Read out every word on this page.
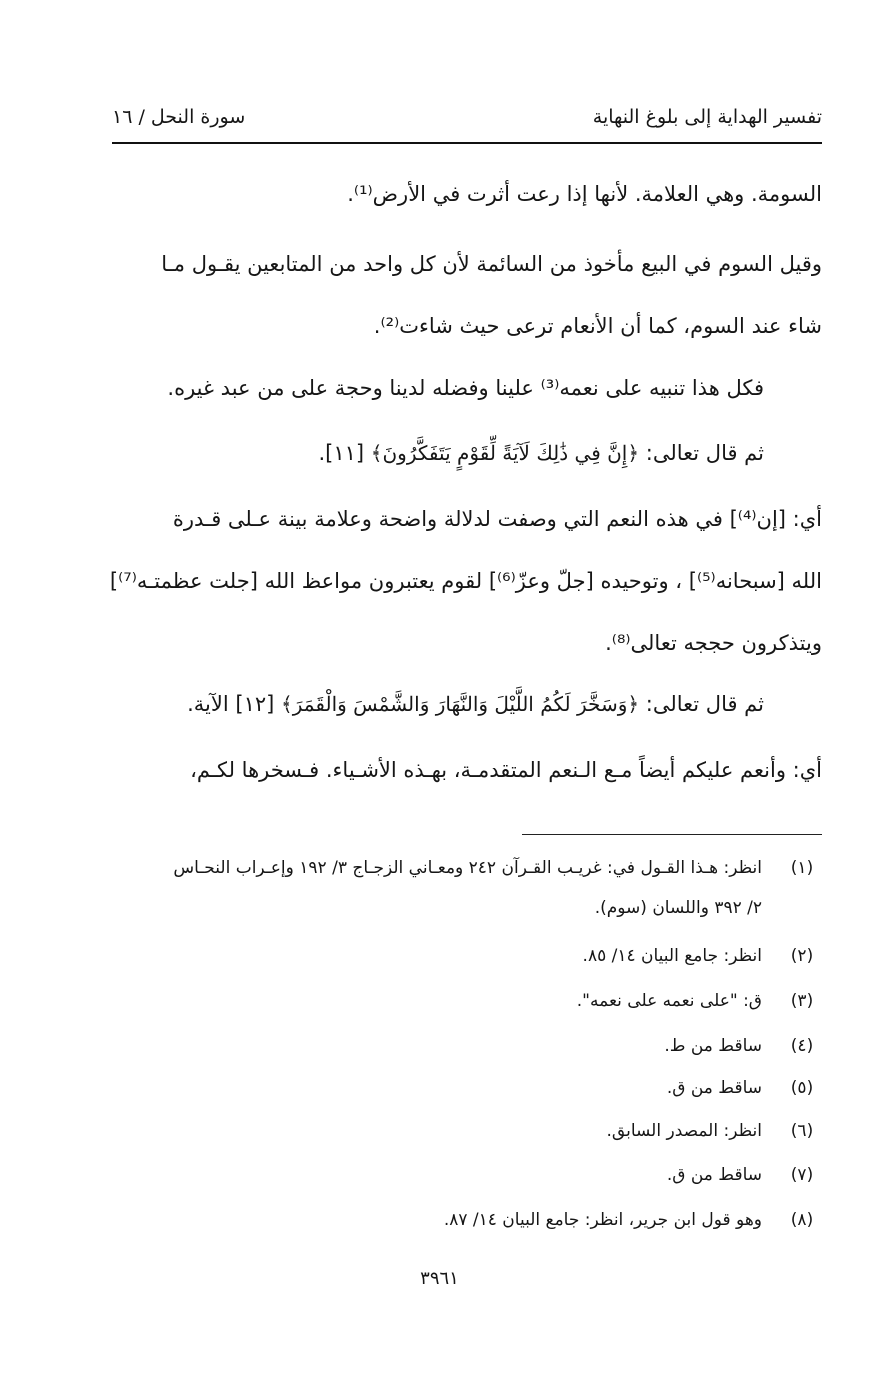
تفسير الهداية إلى بلوغ النهاية
سورة النحل / ١٦

السومة. وهي العلامة. لأنها إذا رعت أثرت في الأرض⁽¹⁾.

وقيل السوم في البيع مأخوذ من السائمة لأن كل واحد من المتابعين يقـول مـا

شاء عند السوم، كما أن الأنعام ترعى حيث شاءت⁽²⁾.

فكل هذا تنبيه على نعمه⁽³⁾ علينا وفضله لدينا وحجة على من عبد غيره.

ثم قال تعالى: ﴿إِنَّ فِي ذَٰلِكَ لَآيَةً لِّقَوْمٍ يَتَفَكَّرُونَ﴾ [١١].

أي: [إن⁽⁴⁾] في هذه النعم التي وصفت لدلالة واضحة وعلامة بينة عـلى قـدرة

الله [سبحانه⁽⁵⁾] ، وتوحيده [جلّ وعزّ⁽⁶⁾] لقوم يعتبرون مواعظ الله [جلت عظمتـه⁽⁷⁾]

ويتذكرون حججه تعالى⁽⁸⁾.

ثم قال تعالى: ﴿وَسَخَّرَ لَكُمُ اللَّيْلَ وَالنَّهَارَ وَالشَّمْسَ وَالْقَمَرَ﴾ [١٢] الآية.

أي: وأنعم عليكم أيضاً مـع الـنعم المتقدمـة، بهـذه الأشـياء. فـسخرها لكـم،

(١)
انظر: هـذا القـول في: غريـب القـرآن ٢٤٢ ومعـاني الزجـاج ٣/ ١٩٢ وإعـراب النحـاس
٢/ ٣٩٢ واللسان (سوم).
(٢)
انظر: جامع البيان ١٤/ ٨٥.
(٣)
ق: "على نعمه على نعمه".
(٤)
ساقط من ط.
(٥)
ساقط من ق.
(٦)
انظر: المصدر السابق.
(٧)
ساقط من ق.
(٨)
وهو قول ابن جرير، انظر: جامع البيان ١٤/ ٨٧.
٣٩٦١
